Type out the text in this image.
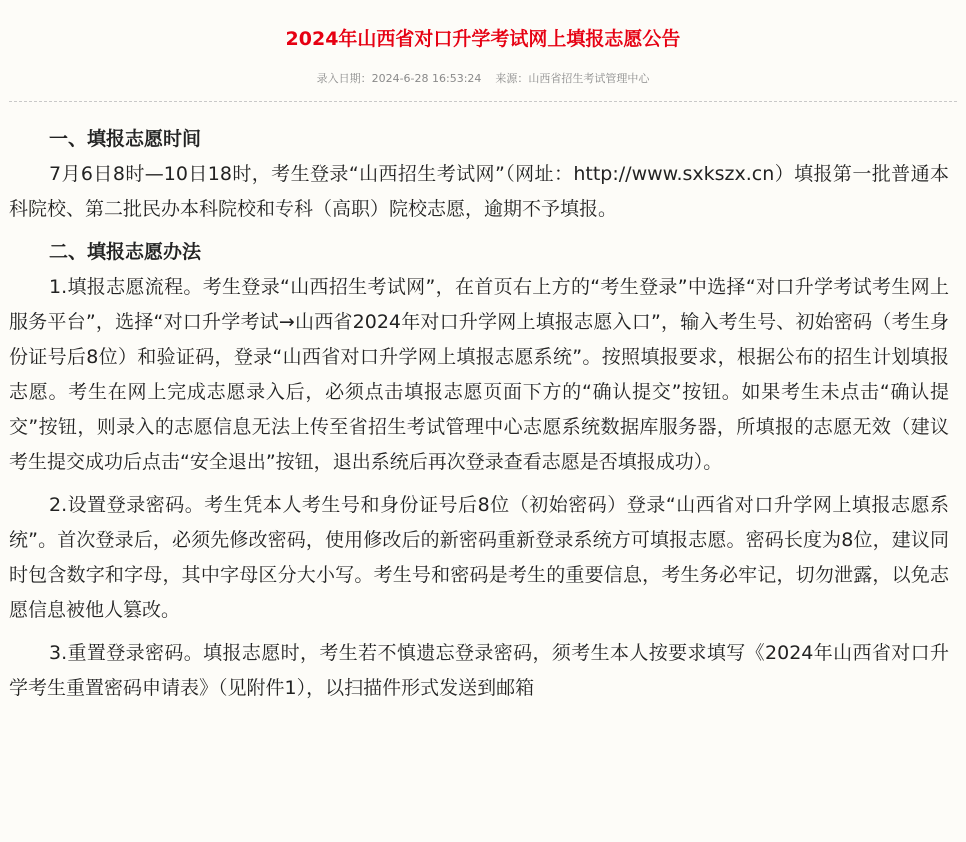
2024年山西省对口升学考试网上填报志愿公告
录入日期：2024-6-28 16:53:24 来源：山西省招生考试管理中心

一、填报志愿时间

7月6日8时—10日18时，考生登录“山西招生考试网”（网址：http://www.sxkszx.cn）填报第一批普通本科院校、第二批民办本科院校和专科（高职）院校志愿，逾期不予填报。

二、填报志愿办法

1.填报志愿流程。考生登录“山西招生考试网”，在首页右上方的“考生登录”中选择“对口升学考试考生网上服务平台”，选择“对口升学考试→山西省2024年对口升学网上填报志愿入口”，输入考生号、初始密码（考生身份证号后8位）和验证码，登录“山西省对口升学网上填报志愿系统”。按照填报要求，根据公布的招生计划填报志愿。考生在网上完成志愿录入后，必须点击填报志愿页面下方的“确认提交”按钮。如果考生未点击“确认提交”按钮，则录入的志愿信息无法上传至省招生考试管理中心志愿系统数据库服务器，所填报的志愿无效（建议考生提交成功后点击“安全退出”按钮，退出系统后再次登录查看志愿是否填报成功）。

2.设置登录密码。考生凭本人考生号和身份证号后8位（初始密码）登录“山西省对口升学网上填报志愿系统”。首次登录后，必须先修改密码，使用修改后的新密码重新登录系统方可填报志愿。密码长度为8位，建议同时包含数字和字母，其中字母区分大小写。考生号和密码是考生的重要信息，考生务必牢记，切勿泄露，以免志愿信息被他人篡改。

3.重置登录密码。填报志愿时，考生若不慎遗忘登录密码，须考生本人按要求填写《2024年山西省对口升学考生重置密码申请表》（见附件1），以扫描件形式发送到邮箱
